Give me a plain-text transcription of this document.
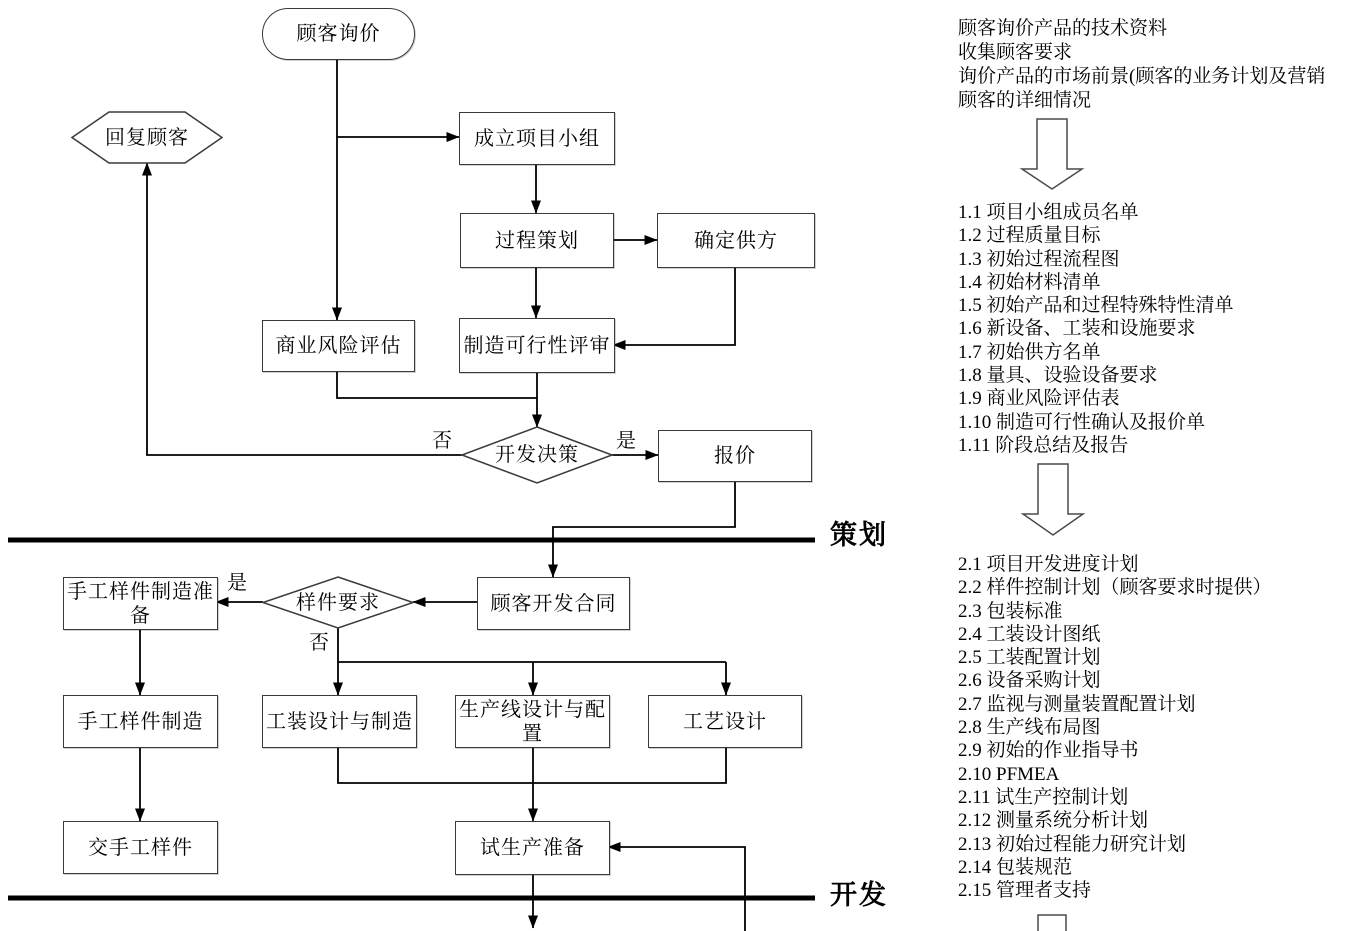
顾客询价
回复顾客	成立项目小组
过程策划	确定供方
商业风险评估	制造可行性评审
开发决策	报价
顾客开发合同
手工样件制造准备
样件要求
手工样件制造	工装设计与制造
生产线设计与配置
工艺设计
交手工样件	试生产准备
否	是
是
否
策划
开发
顾客询价产品的技术资料
收集顾客要求
询价产品的市场前景(顾客的业务计划及营销
顾客的详细情况
1.1 项目小组成员名单
1.2 过程质量目标
1.3 初始过程流程图
1.4 初始材料清单
1.5 初始产品和过程特殊特性清单
1.6 新设备、工装和设施要求
1.7 初始供方名单
1.8 量具、设验设备要求
1.9 商业风险评估表
1.10 制造可行性确认及报价单
1.11 阶段总结及报告
2.1 项目开发进度计划
2.2 样件控制计划（顾客要求时提供）
2.3 包装标准
2.4 工装设计图纸
2.5 工装配置计划
2.6 设备采购计划
2.7 监视与测量装置配置计划
2.8 生产线布局图
2.9 初始的作业指导书
2.10 PFMEA
2.11 试生产控制计划
2.12 测量系统分析计划
2.13 初始过程能力研究计划
2.14 包装规范
2.15 管理者支持
